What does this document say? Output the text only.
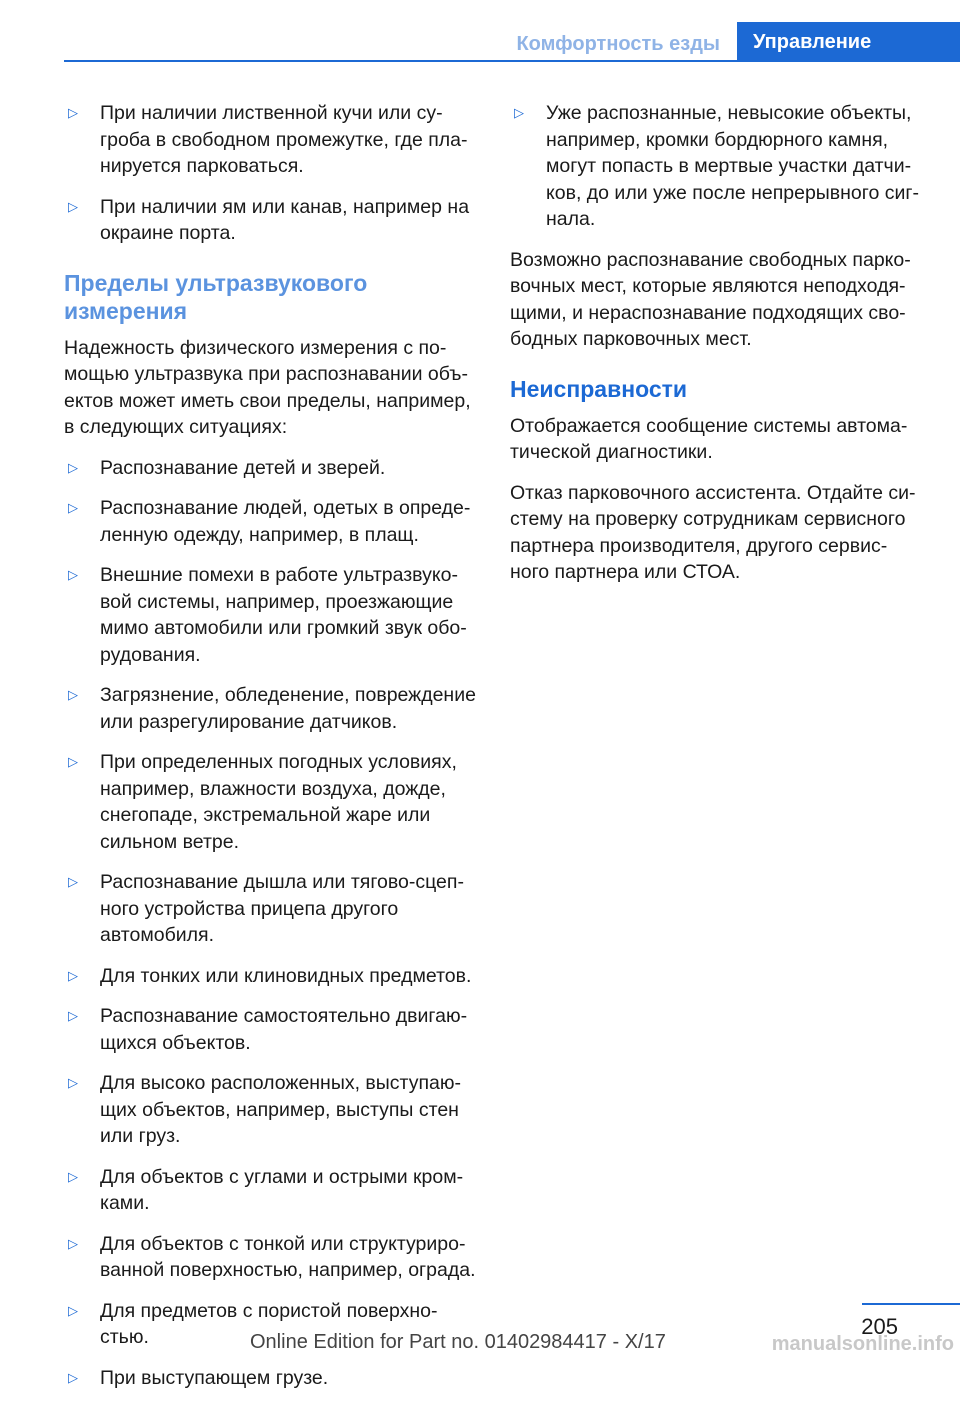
Комфортность езды	Управление
▷ При наличии лиственной кучи или су-гроба в свободном промежутке, где пла-нируется парковаться.
▷ При наличии ям или канав, например на окраине порта.
Пределы ультразвукового измерения

Надежность физического измерения с по-мощью ультразвука при распознавании объ-ектов может иметь свои пределы, например, в следующих ситуациях:

▷ Распознавание детей и зверей.
▷ Распознавание людей, одетых в опреде-ленную одежду, например, в плащ.
▷ Внешние помехи в работе ультразвуко-вой системы, например, проезжающие мимо автомобили или громкий звук обо-рудования.
▷ Загрязнение, обледенение, повреждение или разрегулирование датчиков.
▷ При определенных погодных условиях, например, влажности воздуха, дожде, снегопаде, экстремальной жаре или сильном ветре.
▷ Распознавание дышла или тягово-сцеп-ного устройства прицепа другого автомобиля.
▷ Для тонких или клиновидных предметов.
▷ Распознавание самостоятельно двигаю-щихся объектов.
▷ Для высоко расположенных, выступаю-щих объектов, например, выступы стен или груз.
▷ Для объектов с углами и острыми кром-ками.
▷ Для объектов с тонкой или структуриро-ванной поверхностью, например, ограда.
▷ Для предметов с пористой поверхно-стью.
▷ При выступающем грузе.
▷ Уже распознанные, невысокие объекты, например, кромки бордюрного камня, могут попасть в мертвые участки датчи-ков, до или уже после непрерывного сиг-нала.

Возможно распознавание свободных парко-вочных мест, которые являются неподходя-щими, и нераспознавание подходящих сво-бодных парковочных мест.

Неисправности

Отображается сообщение системы автома-тической диагностики.

Отказ парковочного ассистента. Отдайте си-стему на проверку сотрудникам сервисного партнера производителя, другого сервис-ного партнера или СТОА.

205
Online Edition for Part no. 01402984417 - X/17	manualsonline.info
